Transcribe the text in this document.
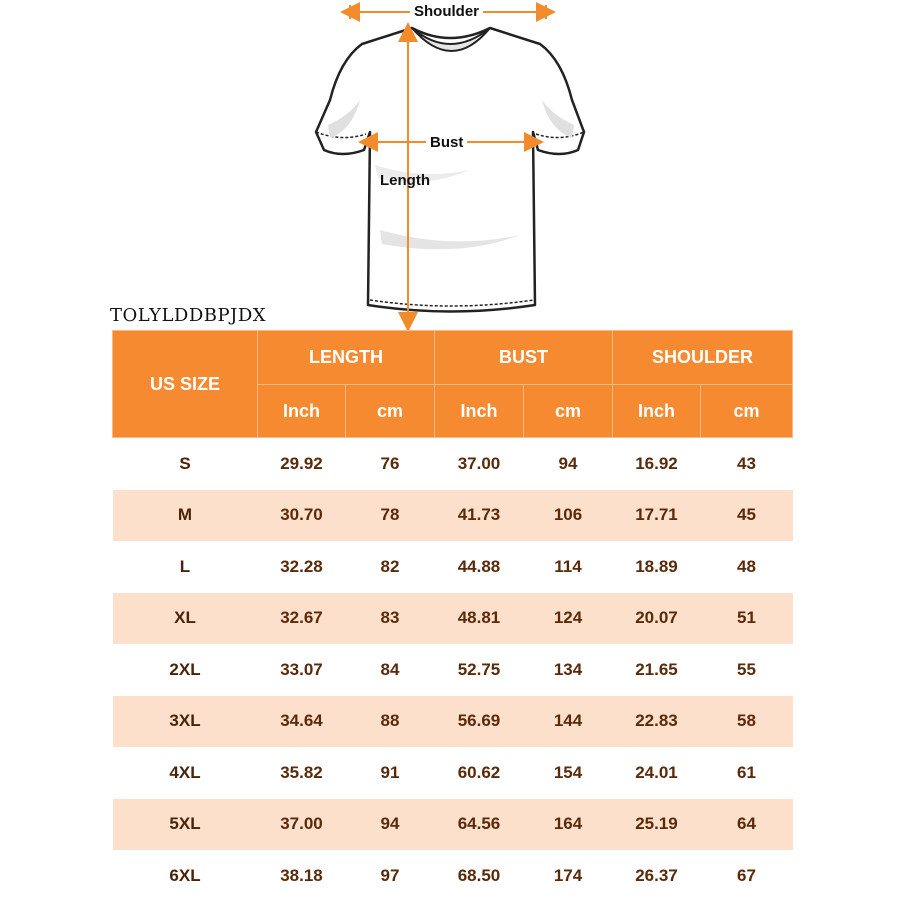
Shoulder
Bust
Length
TOLYLDDBPJDX
US SIZE	LENGTH		BUST		SHOULDER	
	Inch	cm	Inch	cm	Inch	cm
S	29.92	76	37.00	94	16.92	43
M	30.70	78	41.73	106	17.71	45
L	32.28	82	44.88	114	18.89	48
XL	32.67	83	48.81	124	20.07	51
2XL	33.07	84	52.75	134	21.65	55
3XL	34.64	88	56.69	144	22.83	58
4XL	35.82	91	60.62	154	24.01	61
5XL	37.00	94	64.56	164	25.19	64
6XL	38.18	97	68.50	174	26.37	67
